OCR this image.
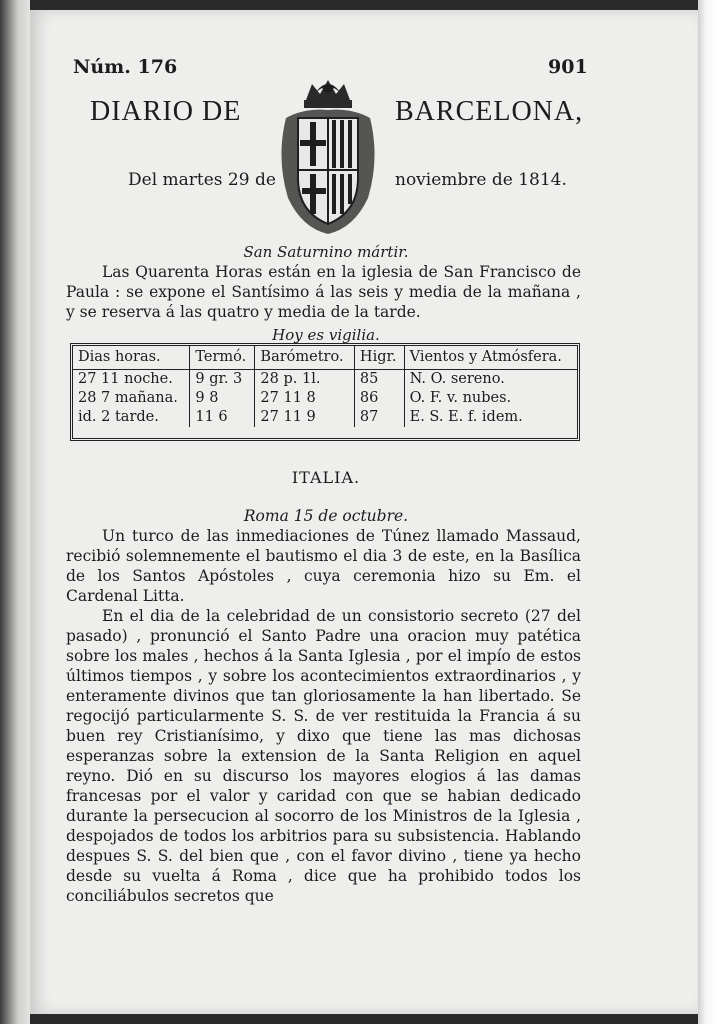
Núm. 176	901
DIARIO DE	BARCELONA,
Del martes 29 de	noviembre de 1814.
San Saturnino mártir.
Las Quarenta Horas están en la iglesia de San Francisco de Paula : se expone el Santísimo á las seis y media de la mañana , y se reserva á las quatro y media de la tarde.
Hoy es vigilia.
Dias horas.	Termó.	Barómetro.	Higr.	Vientos y Atmósfera.
27 11 noche.	9 gr. 3	28 p. 1l.	85	N. O. sereno.
28 7 mañana.	9 8	27 11 8	86	O. F. v. nubes.
id. 2 tarde.	11 6	27 11 9	87	E. S. E. f. idem.
ITALIA.
Roma 15 de octubre.
Un turco de las inmediaciones de Túnez llamado Massaud, recibió solemnemente el bautismo el dia 3 de este, en la Basílica de los Santos Apóstoles , cuya ceremonia hizo su Em. el Cardenal Litta.
En el dia de la celebridad de un consistorio secreto (27 del pasado) , pronunció el Santo Padre una oracion muy patética sobre los males , hechos á la Santa Iglesia , por el impío de estos últimos tiempos , y sobre los acontecimientos extraordinarios , y enteramente divinos que tan gloriosamente la han libertado. Se regocijó particularmente S. S. de ver restituida la Francia á su buen rey Cristianísimo, y dixo que tiene las mas dichosas esperanzas sobre la extension de la Santa Religion en aquel reyno. Dió en su discurso los mayores elogios á las damas francesas por el valor y caridad con que se habian dedicado durante la persecucion al socorro de los Ministros de la Iglesia , despojados de todos los arbitrios para su subsistencia. Hablando despues S. S. del bien que , con el favor divino , tiene ya hecho desde su vuelta á Roma , dice que ha prohibido todos los conciliábulos secretos que
